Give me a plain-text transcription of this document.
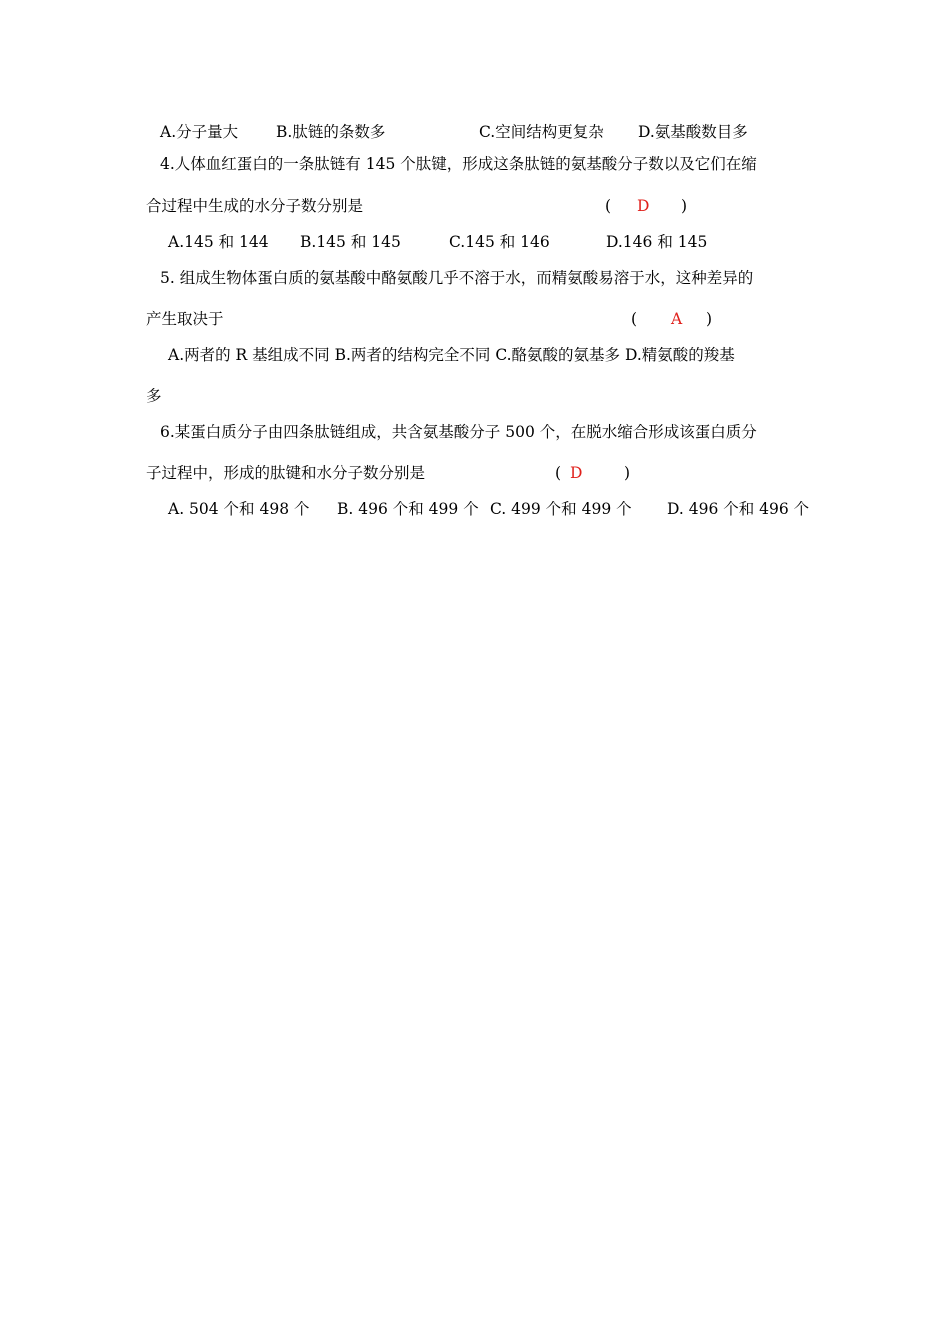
A.分子量大 B.肽链的条数多	C.空间结构更复杂 D.氨基酸数目多
4.人体血红蛋白的一条肽链有 145 个肽键，形成这条肽链的氨基酸分子数以及它们在缩
合过程中生成的水分子数分别是	( D )
A.145 和 144 B.145 和 145	C.145 和 146	D.146 和 145
5. 组成生物体蛋白质的氨基酸中酪氨酸几乎不溶于水，而精氨酸易溶于水，这种差异的
产生取决于	( A )
A.两者的 R 基组成不同 B.两者的结构完全不同 C.酪氨酸的氨基多 D.精氨酸的羧基
多
6.某蛋白质分子由四条肽链组成，共含氨基酸分子 500 个，在脱水缩合形成该蛋白质分
子过程中，形成的肽键和水分子数分别是	( D	)
A. 504 个和 498 个 B. 496 个和 499 个 C. 499 个和 499 个 D. 496 个和 496 个
